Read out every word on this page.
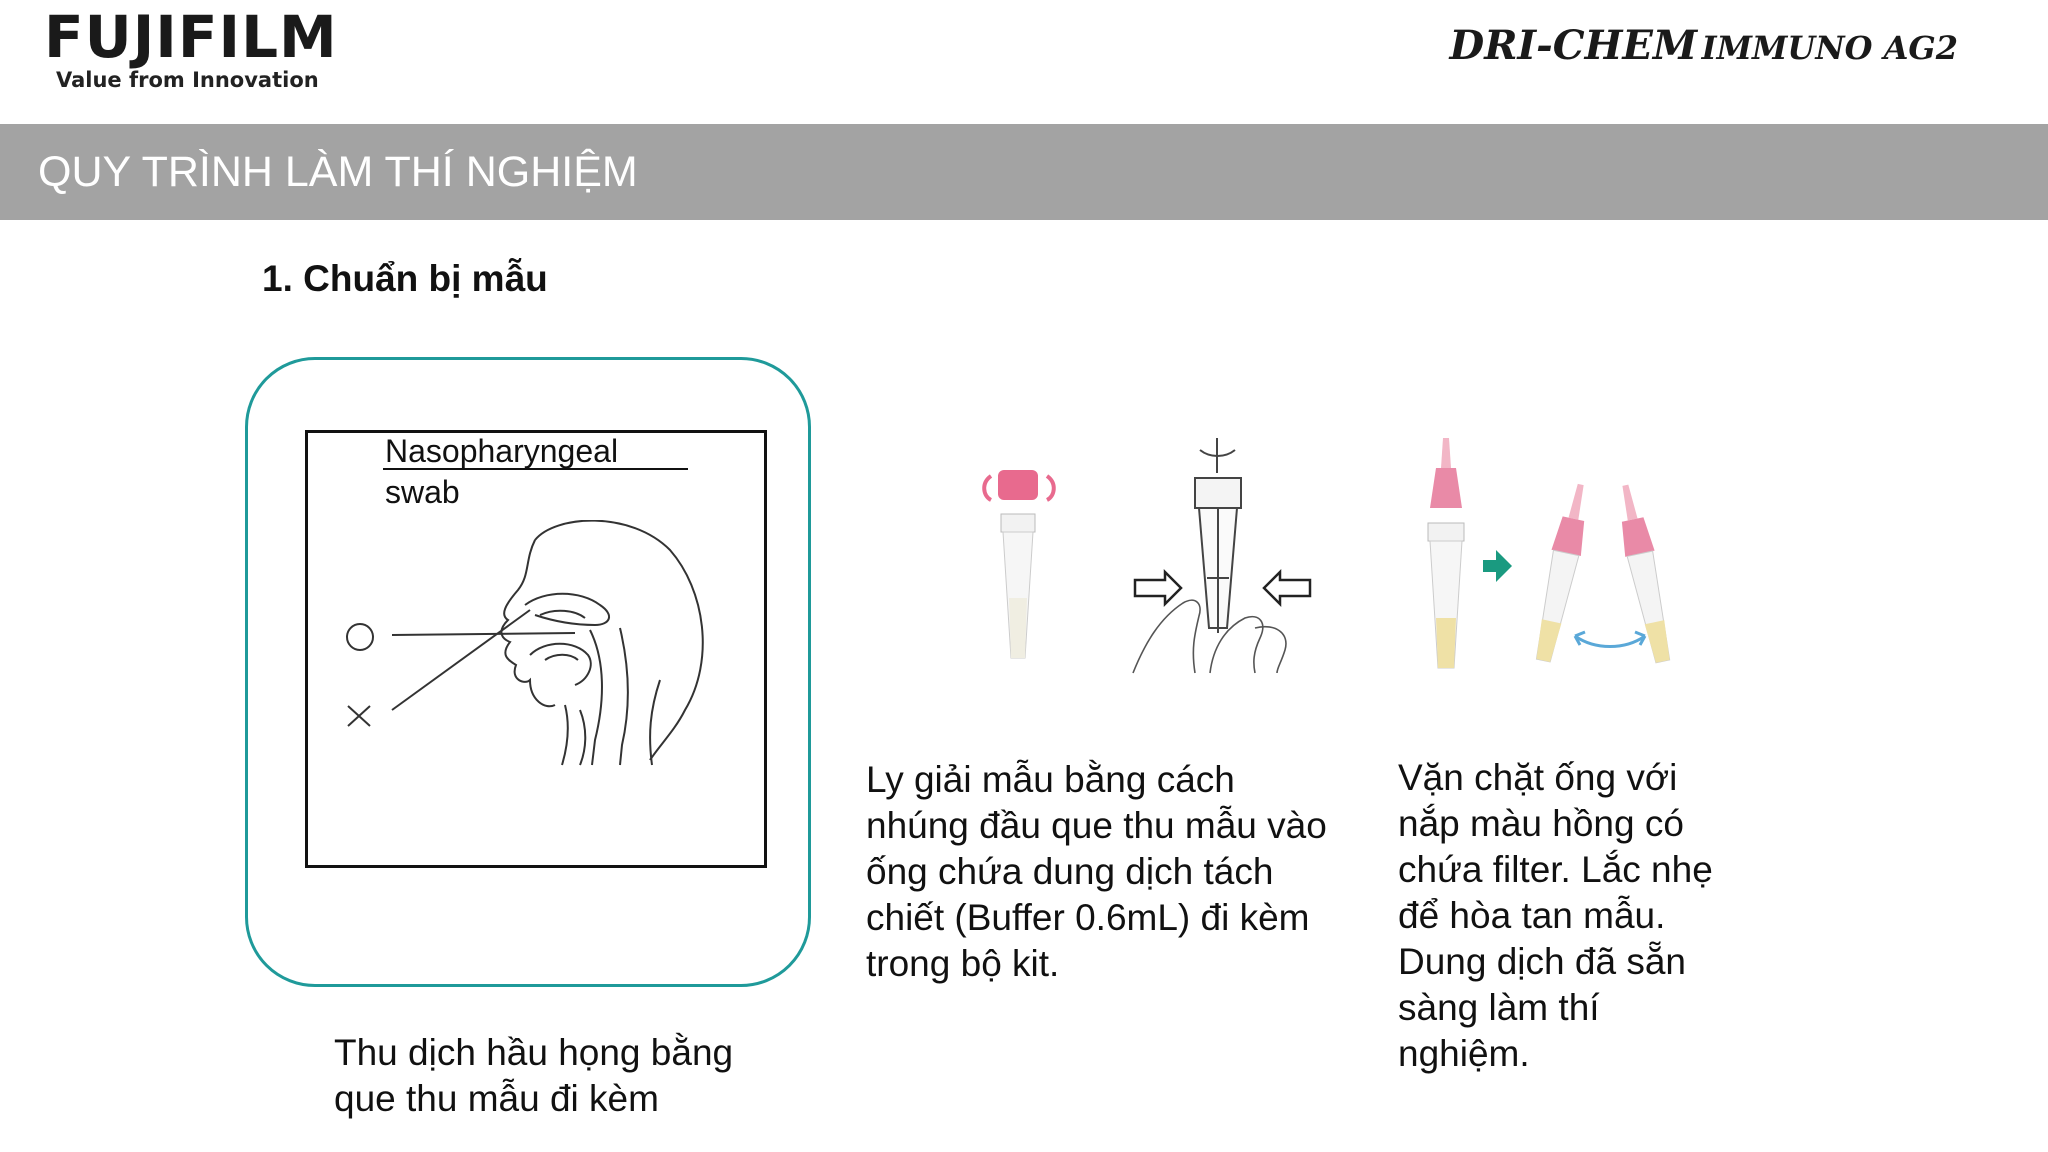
FUJIFILM
Value from Innovation
DRI-CHEM IMMUNO AG2
QUY TRÌNH LÀM THÍ NGHIỆM
1. Chuẩn bị mẫu
Nasopharyngeal
swab
Thu dịch hầu họng bằng que thu mẫu đi kèm
Ly giải mẫu bằng cách nhúng đầu que thu mẫu vào ống chứa dung dịch tách chiết (Buffer 0.6mL) đi kèm trong bộ kit.
Vặn chặt ống với nắp màu hồng có chứa filter. Lắc nhẹ để hòa tan mẫu. Dung dịch đã sẵn sàng làm thí nghiệm.
